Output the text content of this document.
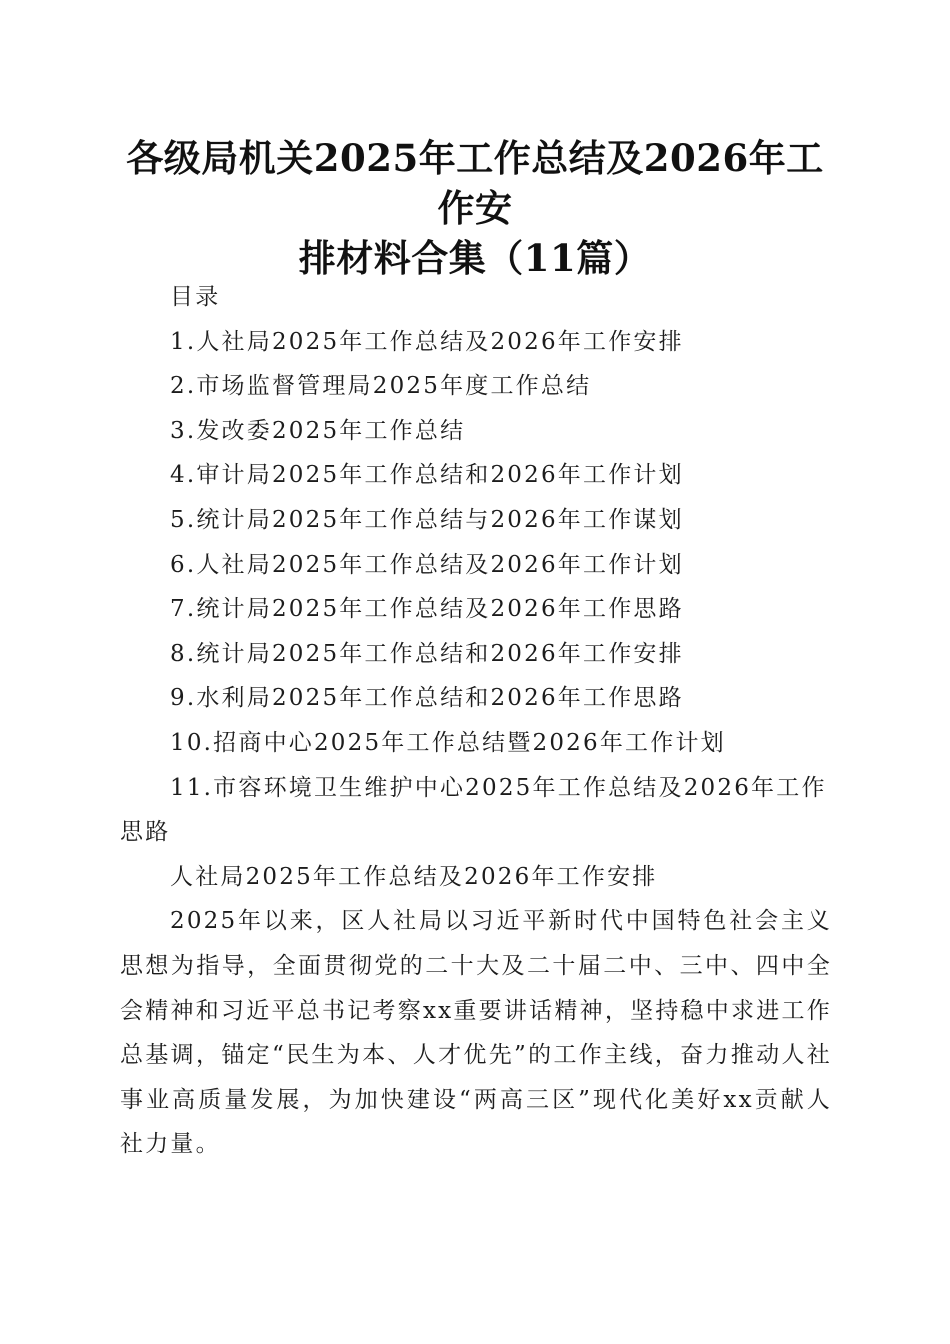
各级局机关2025年工作总结及2026年工作安
排材料合集（11篇）
目录
1.人社局2025年工作总结及2026年工作安排
2.市场监督管理局2025年度工作总结
3.发改委2025年工作总结
4.审计局2025年工作总结和2026年工作计划
5.统计局2025年工作总结与2026年工作谋划
6.人社局2025年工作总结及2026年工作计划
7.统计局2025年工作总结及2026年工作思路
8.统计局2025年工作总结和2026年工作安排
9.水利局2025年工作总结和2026年工作思路
10.招商中心2025年工作总结暨2026年工作计划
11.市容环境卫生维护中心2025年工作总结及2026年工作思路
人社局2025年工作总结及2026年工作安排
2025年以来，区人社局以习近平新时代中国特色社会主义思想为指导，全面贯彻党的二十大及二十届二中、三中、四中全会精神和习近平总书记考察xx重要讲话精神，坚持稳中求进工作总基调，锚定“民生为本、人才优先”的工作主线，奋力推动人社事业高质量发展，为加快建设“两高三区”现代化美好xx贡献人社力量。
